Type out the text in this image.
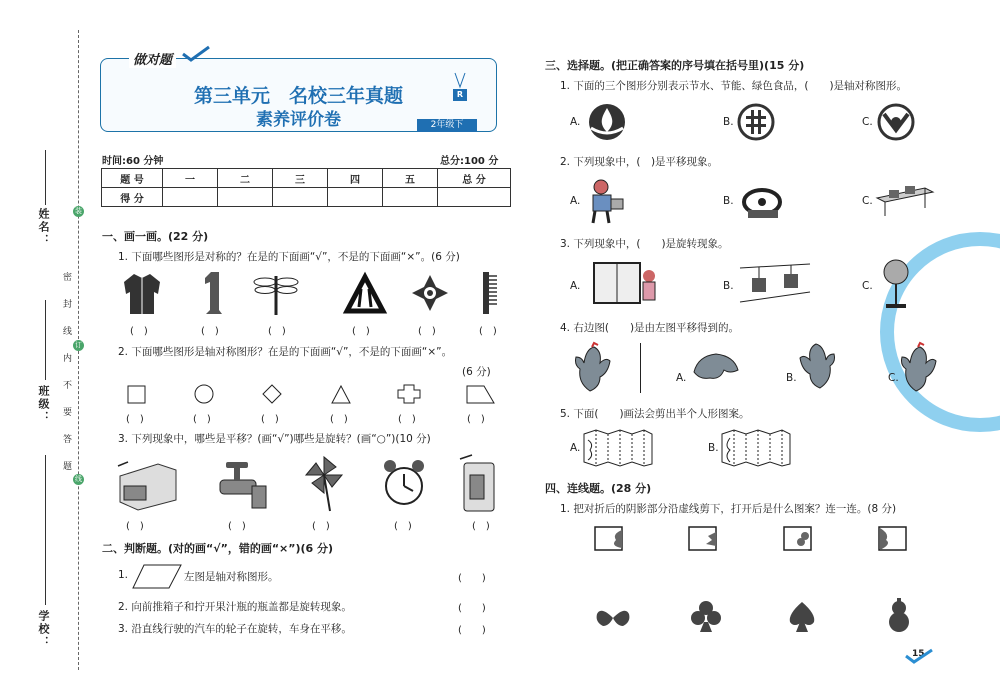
姓名：
班级：
学校：
密 封 线 内 不 要 答 题
装
订
线
做对题
第三单元　名校三年真题
素养评价卷
R
2年级下
时间:60 分钟	总分:100 分
题 号	一	二	三	四	五	总 分
得 分						
一、画一画。(22 分)
1. 下面哪些图形是对称的？在是的下面画“√”，不是的下面画“×”。(6 分)
(　)	(　)	(　)	(　)	(　)	(　)
2. 下面哪些图形是轴对称图形？在是的下面画“√”，不是的下面画“×”。
(6 分)
(　)	(　)	(　)	(　)	(　)	(　)
3. 下列现象中，哪些是平移？(画“√”)哪些是旋转？(画“○”)(10 分)
(　)	(　)	(　)	(　)	(　)
二、判断题。(对的画“√”，错的画“×”)(6 分)
1.	左图是轴对称图形。	(　　)
2. 向前推箱子和拧开果汁瓶的瓶盖都是旋转现象。	(　　)
3. 沿直线行驶的汽车的轮子在旋转，车身在平移。	(　　)
三、选择题。(把正确答案的序号填在括号里)(15 分)
1. 下面的三个图形分别表示节水、节能、绿色食品，(　　)是轴对称图形。
A.	B.	C.
2. 下列现象中，(　)是平移现象。
A.	B.	C.
3. 下列现象中，(　　)是旋转现象。
A.	B.	C.
4. 右边图(　　)是由左图平移得到的。
A.	B.	C.
5. 下面(　　)画法会剪出半个人形图案。
A.	B.
四、连线题。(28 分)
1. 把对折后的阴影部分沿虚线剪下，打开后是什么图案？连一连。(8 分)
15
